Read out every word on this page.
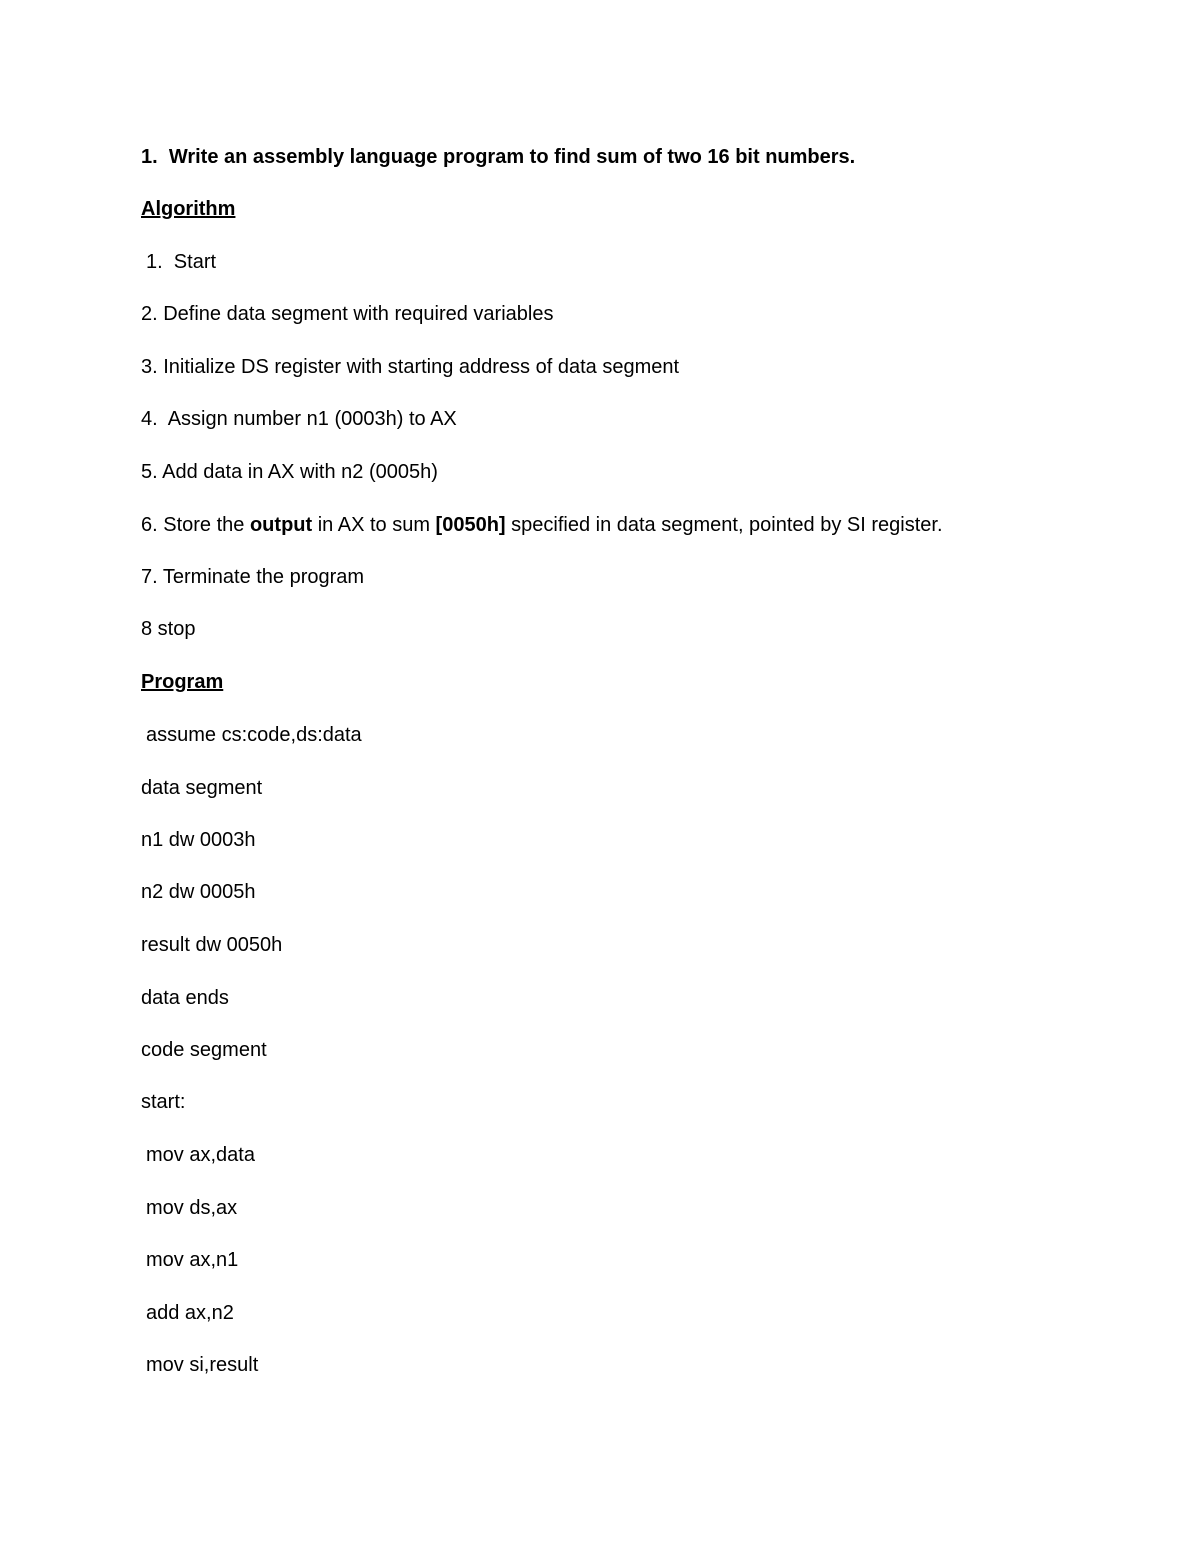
1. Write an assembly language program to find sum of two 16 bit numbers.

Algorithm

1.  Start

2. Define data segment with required variables

3. Initialize DS register with starting address of data segment

4.  Assign number n1 (0003h) to AX

5. Add data in AX with n2 (0005h)

6. Store the output in AX to sum [0050h] specified in data segment, pointed by SI register.

7. Terminate the program

8 stop

Program

assume cs:code,ds:data

data segment

n1 dw 0003h

n2 dw 0005h

result dw 0050h

data ends

code segment

start:

mov ax,data

mov ds,ax

mov ax,n1

add ax,n2

mov si,result
